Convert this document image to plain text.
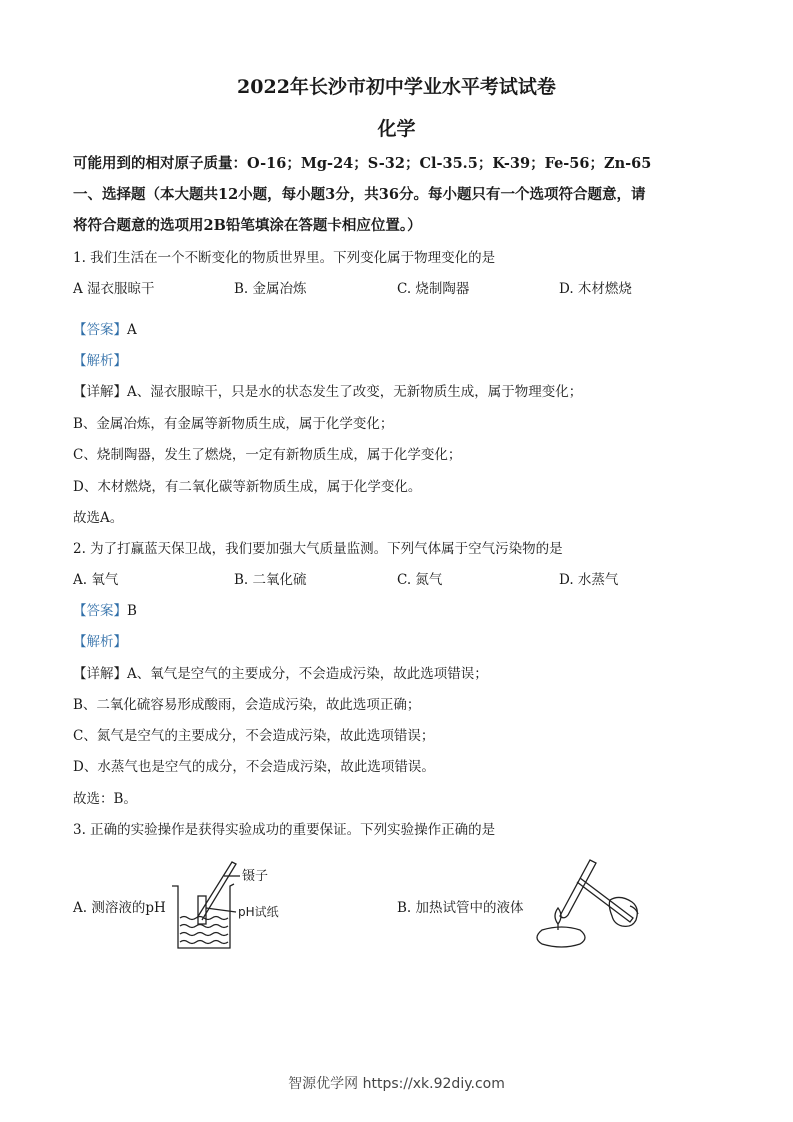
2022年长沙市初中学业水平考试试卷
化学
可能用到的相对原子质量：O-16；Mg-24；S-32；Cl-35.5；K-39；Fe-56；Zn-65
一、选择题（本大题共12小题，每小题3分，共36分。每小题只有一个选项符合题意，请
将符合题意的选项用2B铅笔填涂在答题卡相应位置。）
1. 我们生活在一个不断变化的物质世界里。下列变化属于物理变化的是
A 湿衣服晾干	B. 金属冶炼	C. 烧制陶器	D. 木材燃烧
【答案】A
【解析】
【详解】A、湿衣服晾干，只是水的状态发生了改变，无新物质生成，属于物理变化；
B、金属冶炼，有金属等新物质生成，属于化学变化；
C、烧制陶器，发生了燃烧，一定有新物质生成，属于化学变化；
D、木材燃烧，有二氧化碳等新物质生成，属于化学变化。
故选A。
2. 为了打赢蓝天保卫战，我们要加强大气质量监测。下列气体属于空气污染物的是
A. 氧气	B. 二氧化硫	C. 氮气	D. 水蒸气
【答案】B
【解析】
【详解】A、氧气是空气的主要成分，不会造成污染，故此选项错误；
B、二氧化硫容易形成酸雨，会造成污染，故此选项正确；
C、氮气是空气的主要成分，不会造成污染，故此选项错误；
D、水蒸气也是空气的成分，不会造成污染，故此选项错误。
故选：B。
3. 正确的实验操作是获得实验成功的重要保证。下列实验操作正确的是
A. 测溶液的pH	B. 加热试管中的液体
镊子
pH试纸
智源优学网 https://xk.92diy.com
